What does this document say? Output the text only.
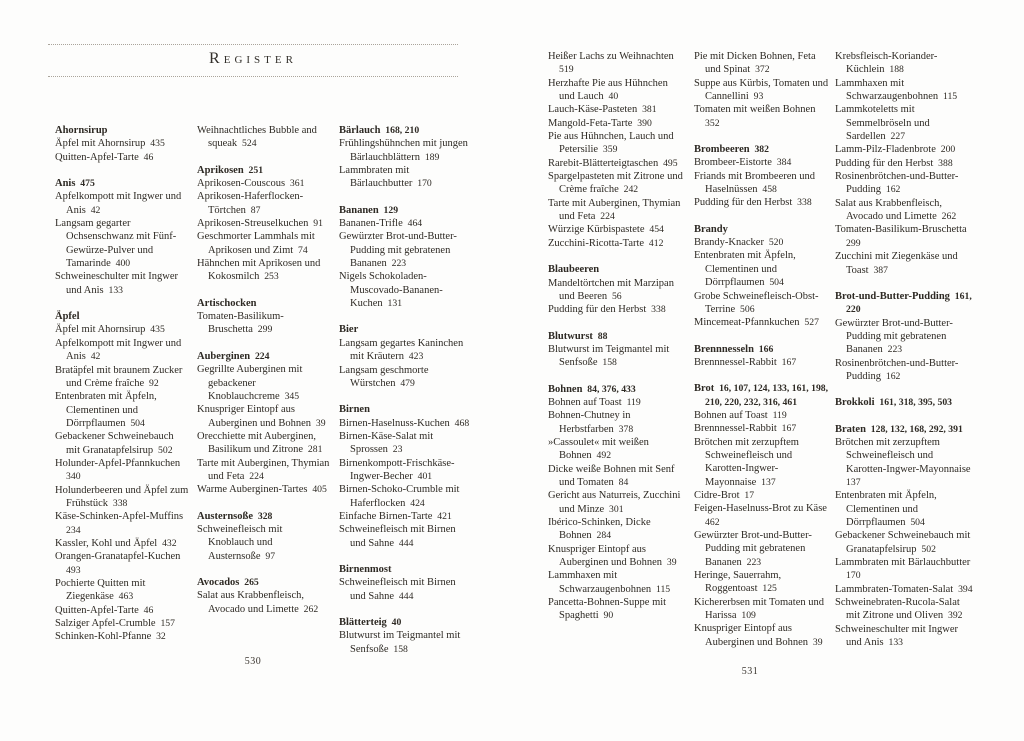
Register
Ahornsirup
Äpfel mit Ahornsirup 435
Quitten-Apfel-Tarte 46
Anis 475
Apfelkompott mit Ingwer und Anis 42
Langsam gegarter Ochsenschwanz mit Fünf-Gewürze-Pulver und Tamarinde 400
Schweineschulter mit Ingwer und Anis 133
Äpfel
Äpfel mit Ahornsirup 435
Apfelkompott mit Ingwer und Anis 42
Bratäpfel mit braunem Zucker und Crème fraîche 92
Entenbraten mit Äpfeln, Clementinen und Dörrpflaumen 504
Gebackener Schweinebauch mit Granatapfelsirup 502
Holunder-Apfel-Pfannkuchen 340
Holunderbeeren und Äpfel zum Frühstück 338
Käse-Schinken-Apfel-Muffins 234
Kassler, Kohl und Äpfel 432
Orangen-Granatapfel-Kuchen 493
Pochierte Quitten mit Ziegenkäse 463
Quitten-Apfel-Tarte 46
Salziger Apfel-Crumble 157
Schinken-Kohl-Pfanne 32
Weihnachtliches Bubble and squeak 524
Aprikosen 251
Aprikosen-Couscous 361
Aprikosen-Haferflocken-Törtchen 87
Aprikosen-Streuselkuchen 91
Geschmorter Lammhals mit Aprikosen und Zimt 74
Hähnchen mit Aprikosen und Kokosmilch 253
Artischocken
Tomaten-Basilikum-Bruschetta 299
Auberginen 224
Gegrillte Auberginen mit gebackener Knoblauchcreme 345
Knuspriger Eintopf aus Auberginen und Bohnen 39
Orecchiette mit Auberginen, Basilikum und Zitrone 281
Tarte mit Auberginen, Thymian und Feta 224
Warme Auberginen-Tartes 405
Austernsoße 328
Schweinefleisch mit Knoblauch und Austernsoße 97
Avocados 265
Salat aus Krabbenfleisch, Avocado und Limette 262
Bärlauch 168, 210
Frühlingshühnchen mit jungen Bärlauchblättern 189
Lammbraten mit Bärlauchbutter 170
Bananen 129
Bananen-Trifle 464
Gewürzter Brot-und-Butter-Pudding mit gebratenen Bananen 223
Nigels Schokoladen-Muscovado-Bananen-Kuchen 131
Bier
Langsam gegartes Kaninchen mit Kräutern 423
Langsam geschmorte Würstchen 479
Birnen
Birnen-Haselnuss-Kuchen 468
Birnen-Käse-Salat mit Sprossen 23
Birnenkompott-Frischkäse-Ingwer-Becher 401
Birnen-Schoko-Crumble mit Haferflocken 424
Einfache Birnen-Tarte 421
Schweinefleisch mit Birnen und Sahne 444
Birnenmost
Schweinefleisch mit Birnen und Sahne 444
Blätterteig 40
Blutwurst im Teigmantel mit Senfsoße 158
Heißer Lachs zu Weihnachten 519
Herzhafte Pie aus Hühnchen und Lauch 40
Lauch-Käse-Pasteten 381
Mangold-Feta-Tarte 390
Pie aus Hühnchen, Lauch und Petersilie 359
Rarebit-Blätterteigtaschen 495
Spargelpasteten mit Zitrone und Crème fraîche 242
Tarte mit Auberginen, Thymian und Feta 224
Würzige Kürbispastete 454
Zucchini-Ricotta-Tarte 412
Blaubeeren
Mandeltörtchen mit Marzipan und Beeren 56
Pudding für den Herbst 338
Blutwurst 88
Blutwurst im Teigmantel mit Senfsoße 158
Bohnen 84, 376, 433
Bohnen auf Toast 119
Bohnen-Chutney in Herbstfarben 378
»Cassoulet« mit weißen Bohnen 492
Dicke weiße Bohnen mit Senf und Tomaten 84
Gericht aus Naturreis, Zucchini und Minze 301
Ibérico-Schinken, Dicke Bohnen 284
Knuspriger Eintopf aus Auberginen und Bohnen 39
Lammhaxen mit Schwarzaugenbohnen 115
Pancetta-Bohnen-Suppe mit Spaghetti 90
Pie mit Dicken Bohnen, Feta und Spinat 372
Suppe aus Kürbis, Tomaten und Cannellini 93
Tomaten mit weißen Bohnen 352
Brombeeren 382
Brombeer-Eistorte 384
Friands mit Brombeeren und Haselnüssen 458
Pudding für den Herbst 338
Brandy
Brandy-Knacker 520
Entenbraten mit Äpfeln, Clementinen und Dörrpflaumen 504
Grobe Schweinefleisch-Obst-Terrine 506
Mincemeat-Pfannkuchen 527
Brennnesseln 166
Brennnessel-Rabbit 167
Brot 16, 107, 124, 133, 161, 198, 210, 220, 232, 316, 461
Bohnen auf Toast 119
Brennnessel-Rabbit 167
Brötchen mit zerzupftem Schweinefleisch und Karotten-Ingwer-Mayonnaise 137
Cidre-Brot 17
Feigen-Haselnuss-Brot zu Käse 462
Gewürzter Brot-und-Butter-Pudding mit gebratenen Bananen 223
Heringe, Sauerrahm, Roggentoast 125
Kichererbsen mit Tomaten und Harissa 109
Knuspriger Eintopf aus Auberginen und Bohnen 39
Krebsfleisch-Koriander-Küchlein 188
Lammhaxen mit Schwarzaugenbohnen 115
Lammkoteletts mit Semmelbröseln und Sardellen 227
Lamm-Pilz-Fladenbrote 200
Pudding für den Herbst 388
Rosinenbrötchen-und-Butter-Pudding 162
Salat aus Krabbenfleisch, Avocado und Limette 262
Tomaten-Basilikum-Bruschetta 299
Zucchini mit Ziegenkäse und Toast 387
Brot-und-Butter-Pudding 161, 220
Gewürzter Brot-und-Butter-Pudding mit gebratenen Bananen 223
Rosinenbrötchen-und-Butter-Pudding 162
Brokkoli 161, 318, 395, 503
Braten 128, 132, 168, 292, 391
Brötchen mit zerzupftem Schweinefleisch und Karotten-Ingwer-Mayonnaise 137
Entenbraten mit Äpfeln, Clementinen und Dörrpflaumen 504
Gebackener Schweinebauch mit Granatapfelsirup 502
Lammbraten mit Bärlauchbutter 170
Lammbraten-Tomaten-Salat 394
Schweinebraten-Rucola-Salat mit Zitrone und Oliven 392
Schweineschulter mit Ingwer und Anis 133
530
531
